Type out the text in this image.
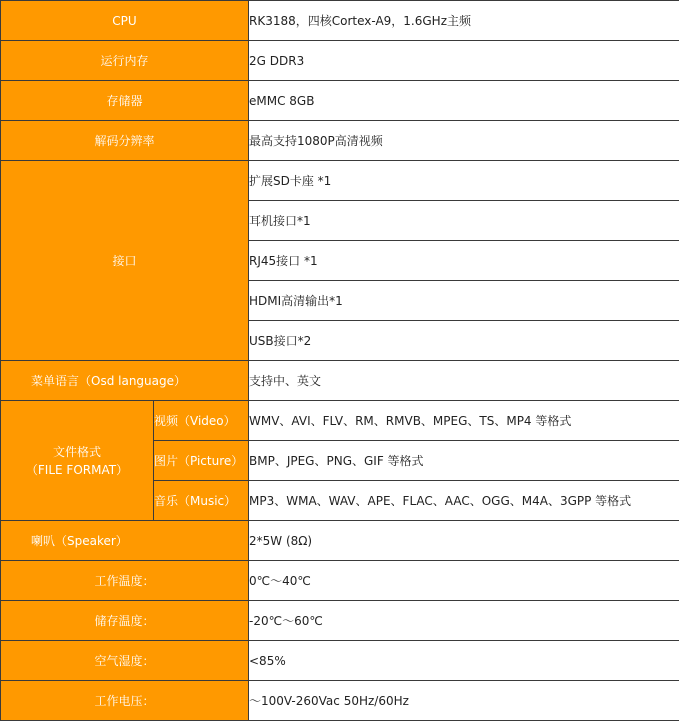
CPU		RK3188，四核Cortex-A9，1.6GHz主频
运行内存		2G DDR3
存储器		eMMC 8GB
解码分辨率		最高支持1080P高清视频
接口		扩展SD卡座 *1
		耳机接口*1
		RJ45接口 *1
		HDMI高清输出*1
		USB接口*2
菜单语言（Osd language）		支持中、英文

文件格式
（FILE FORMAT）	视频（Video）	WMV、AVI、FLV、RM、RMVB、MPEG、TS、MP4 等格式
	图片（Picture）	BMP、JPEG、PNG、GIF 等格式
	音乐（Music）	MP3、WMA、WAV、APE、FLAC、AAC、OGG、M4A、3GPP 等格式
喇叭（Speaker）		2*5W (8Ω)
工作温度：		0℃～40℃
储存温度：		-20℃～60℃
空气湿度：		<85%
工作电压：		～100V-260Vac 50Hz/60Hz
